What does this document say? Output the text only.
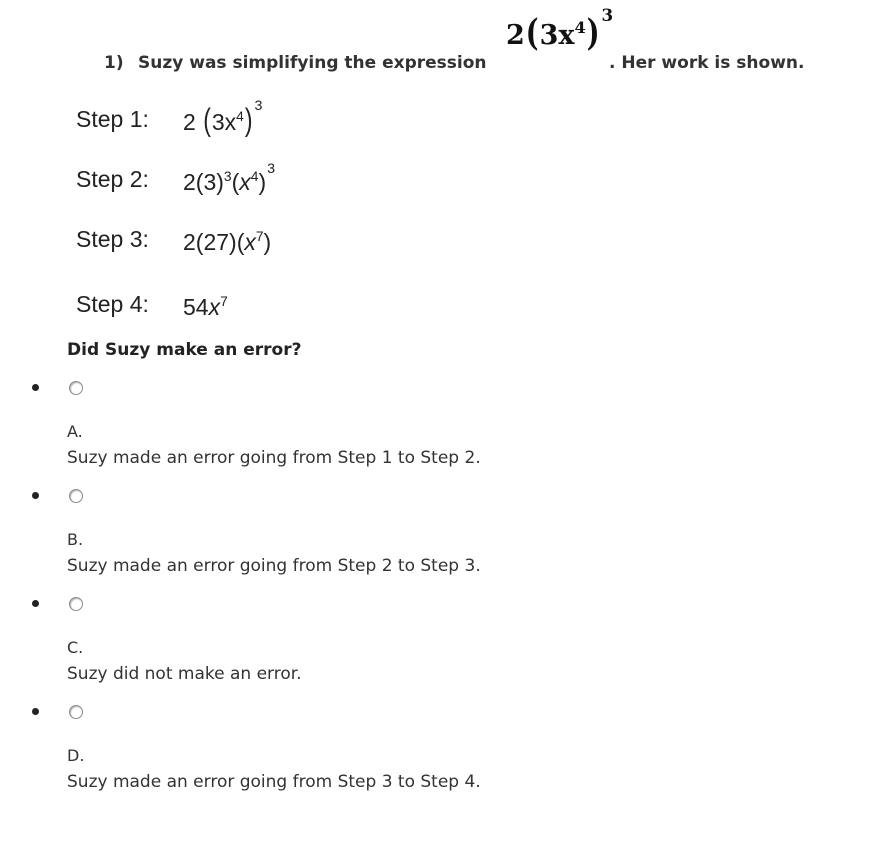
1) Suzy was simplifying the expression
2 ( $3x^4$ ) 3
. Her work is shown.
Step 1: 2
( $3x^4$ ) 3
Step 2: $2(3)^3$ ( $x^4$ ) 3
Step 3: 2(27)( $x^7$ )
Step 4: 54 $x^7$
Did Suzy make an error?
A.
Suzy made an error going from Step 1 to Step 2.
B.
Suzy made an error going from Step 2 to Step 3.
C.
Suzy did not make an error.
D.
Suzy made an error going from Step 3 to Step 4.
